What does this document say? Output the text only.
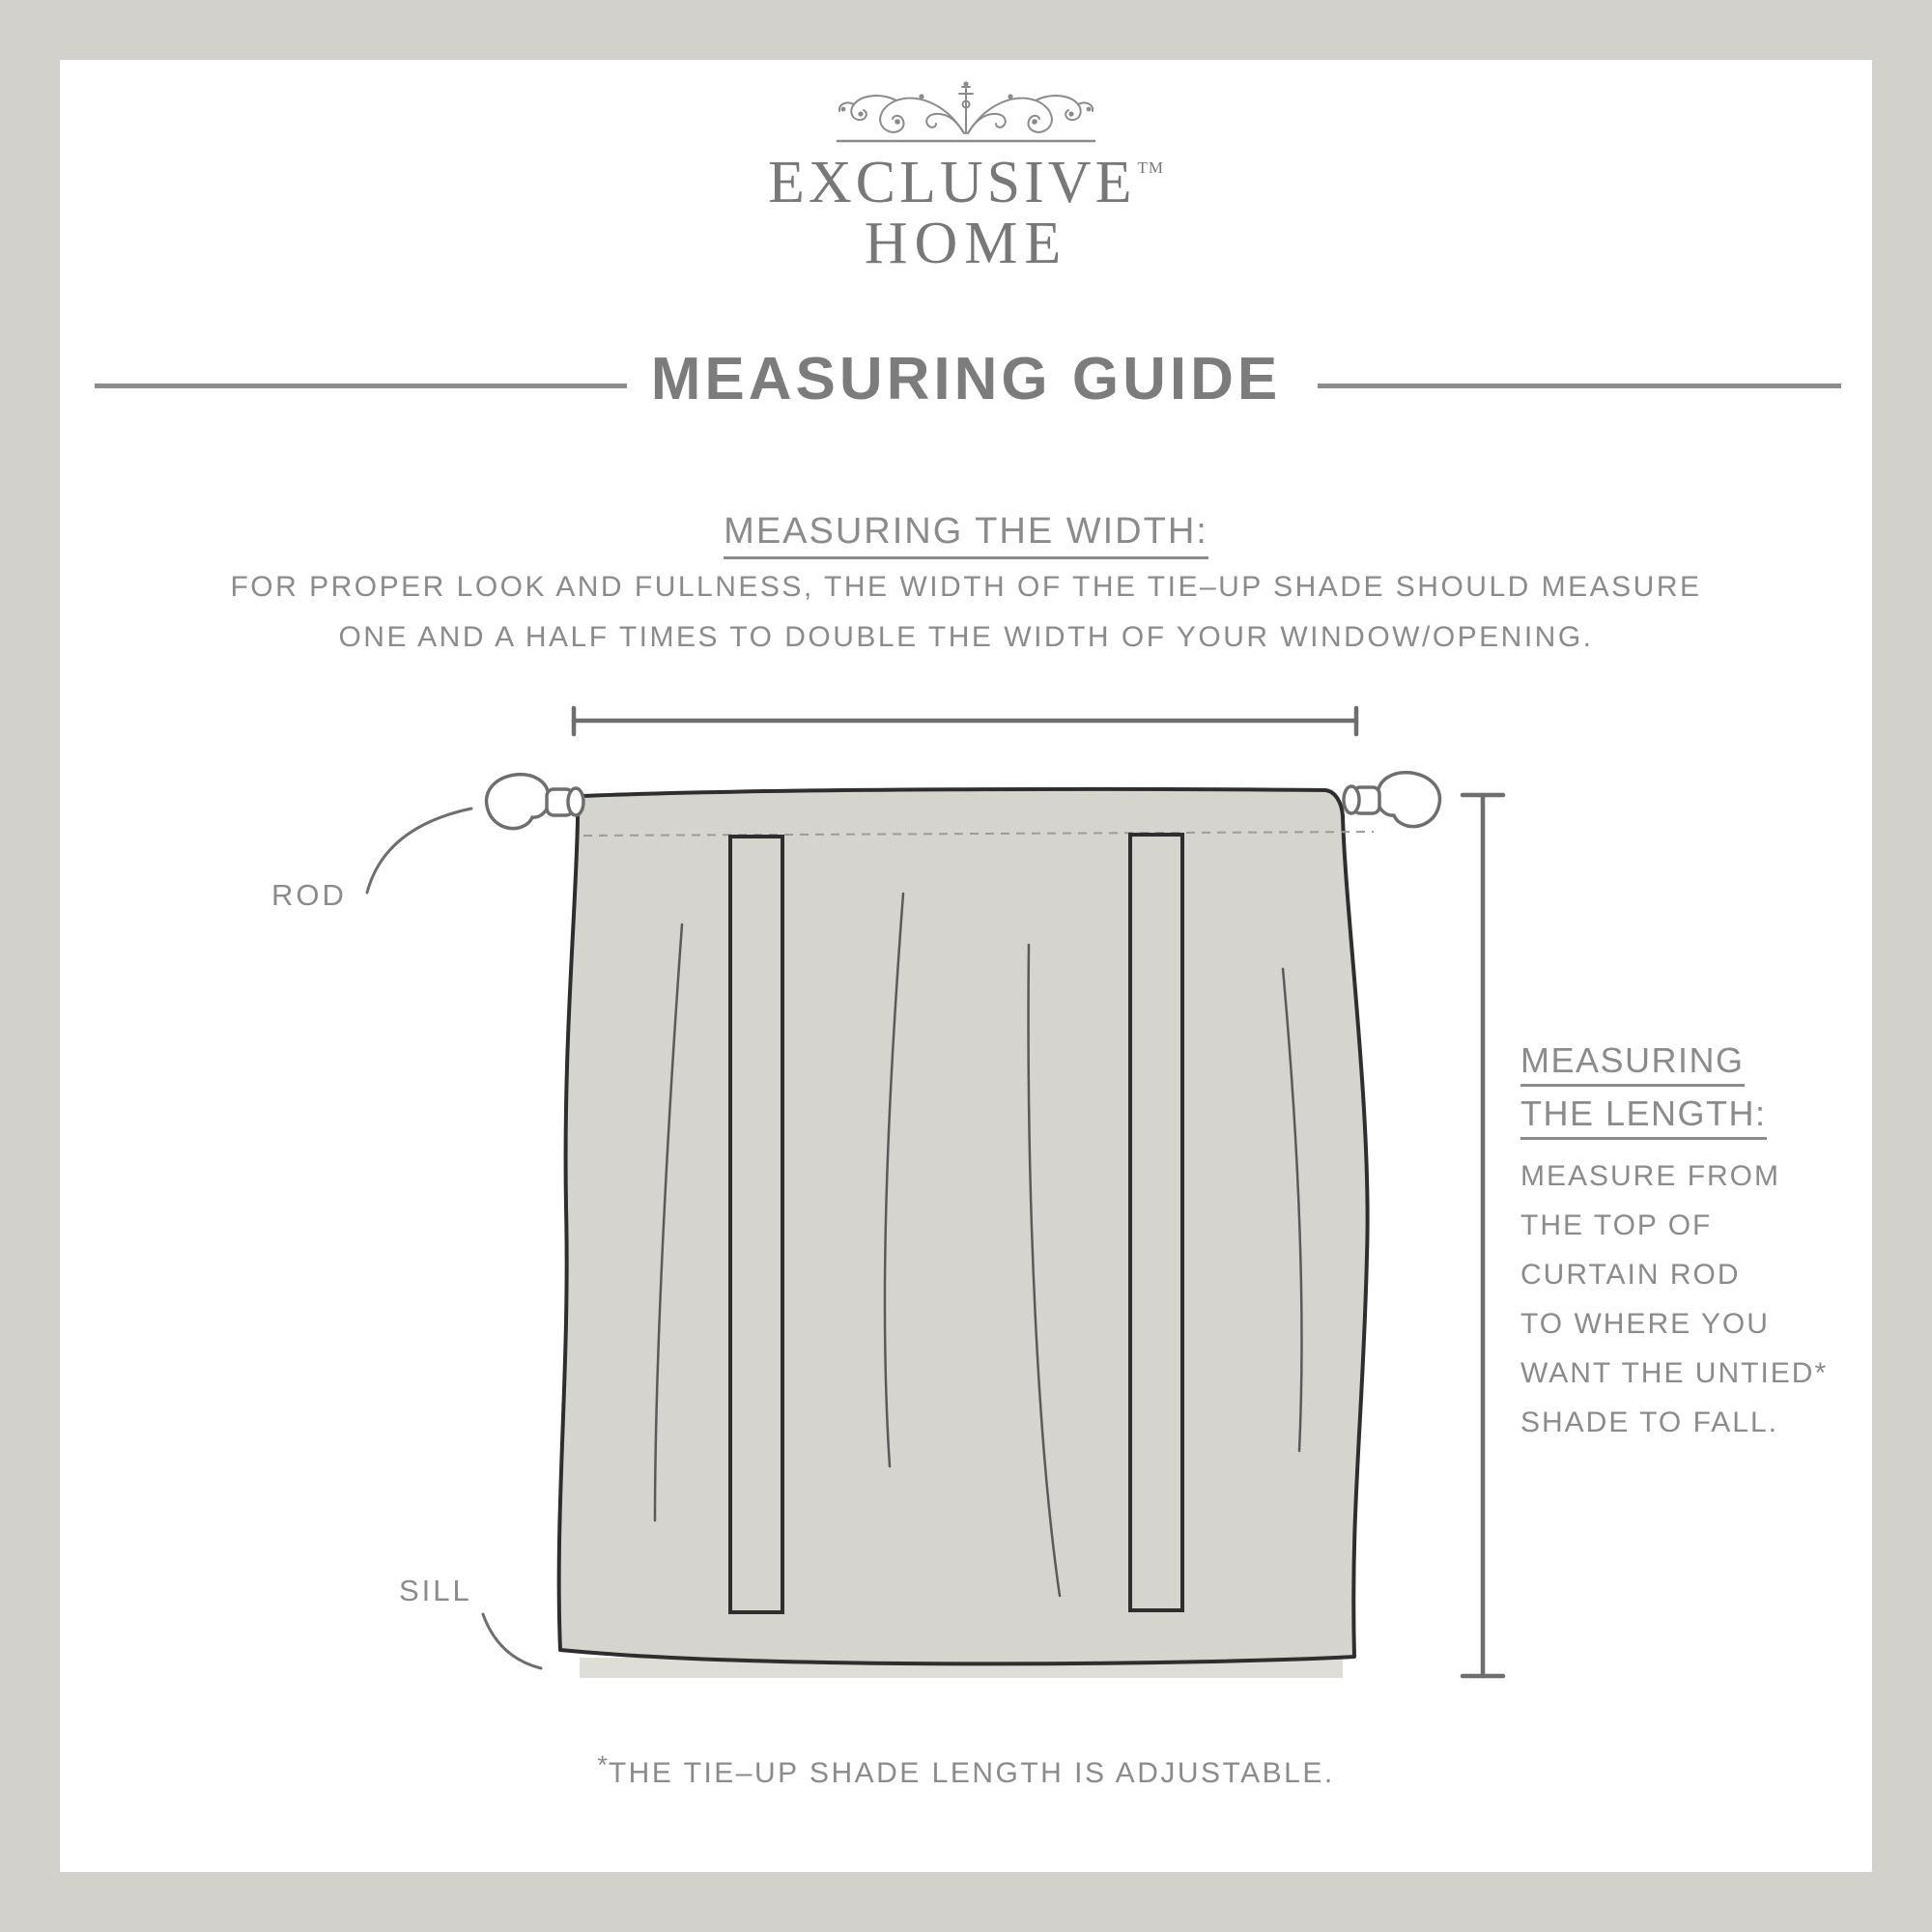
EXCLUSIVE ™
HOME
MEASURING GUIDE
MEASURING THE WIDTH:
FOR PROPER LOOK AND FULLNESS, THE WIDTH OF THE TIE–UP SHADE SHOULD MEASURE
ONE AND A HALF TIMES TO DOUBLE THE WIDTH OF YOUR WINDOW/OPENING.
ROD
SILL
MEASURING
THE LENGTH:
MEASURE FROM
THE TOP OF
CURTAIN ROD
TO WHERE YOU
WANT THE UNTIED*
SHADE TO FALL.
*THE TIE–UP SHADE LENGTH IS ADJUSTABLE.
